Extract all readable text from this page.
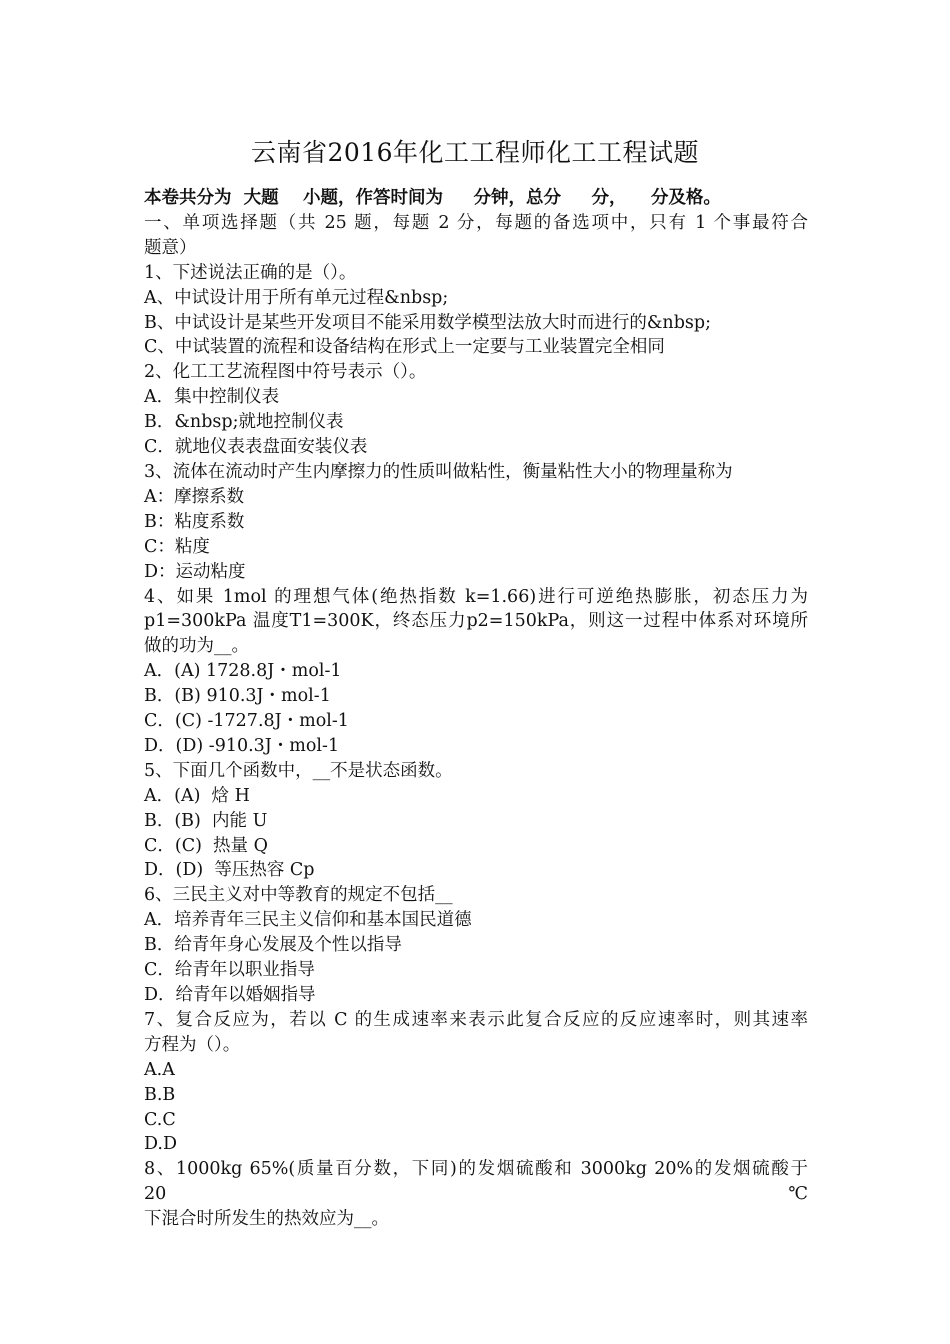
云南省2016年化工工程师化工工程试题
本卷共分为  大题    小题，作答时间为     分钟，总分     分，    分及格。
一、单项选择题（共 25 题，每题 2 分，每题的备选项中，只有 1 个事最符合
题意）
1、下述说法正确的是（）。
A、中试设计用于所有单元过程&nbsp;
B、中试设计是某些开发项目不能采用数学模型法放大时而进行的&nbsp;
C、中试装置的流程和设备结构在形式上一定要与工业装置完全相同
2、化工工艺流程图中符号表示（）。
A．集中控制仪表
B．&nbsp;就地控制仪表
C．就地仪表表盘面安装仪表
3、流体在流动时产生内摩擦力的性质叫做粘性，衡量粘性大小的物理量称为
A：摩擦系数
B：粘度系数
C：粘度
D：运动粘度
4、如果 1mol 的理想气体(绝热指数 k=1.66)进行可逆绝热膨胀，初态压力为
p1=300kPa 温度T1=300K，终态压力p2=150kPa，则这一过程中体系对环境所
做的功为__。
A．(A) 1728.8J・mol-1
B．(B) 910.3J・mol-1
C．(C) -1727.8J・mol-1
D．(D) -910.3J・mol-1
5、下面几个函数中，__不是状态函数。
A．(A)  焓 H
B．(B)  内能 U
C．(C)  热量 Q
D．(D)  等压热容 Cp
6、三民主义对中等教育的规定不包括__
A．培养青年三民主义信仰和基本国民道德
B．给青年身心发展及个性以指导
C．给青年以职业指导
D．给青年以婚姻指导
7、复合反应为，若以 C 的生成速率来表示此复合反应的反应速率时，则其速率
方程为（）。
A.A
B.B
C.C
D.D
8、1000kg 65%(质量百分数，下同)的发烟硫酸和 3000kg 20%的发烟硫酸于 20℃
下混合时所发生的热效应为__。
